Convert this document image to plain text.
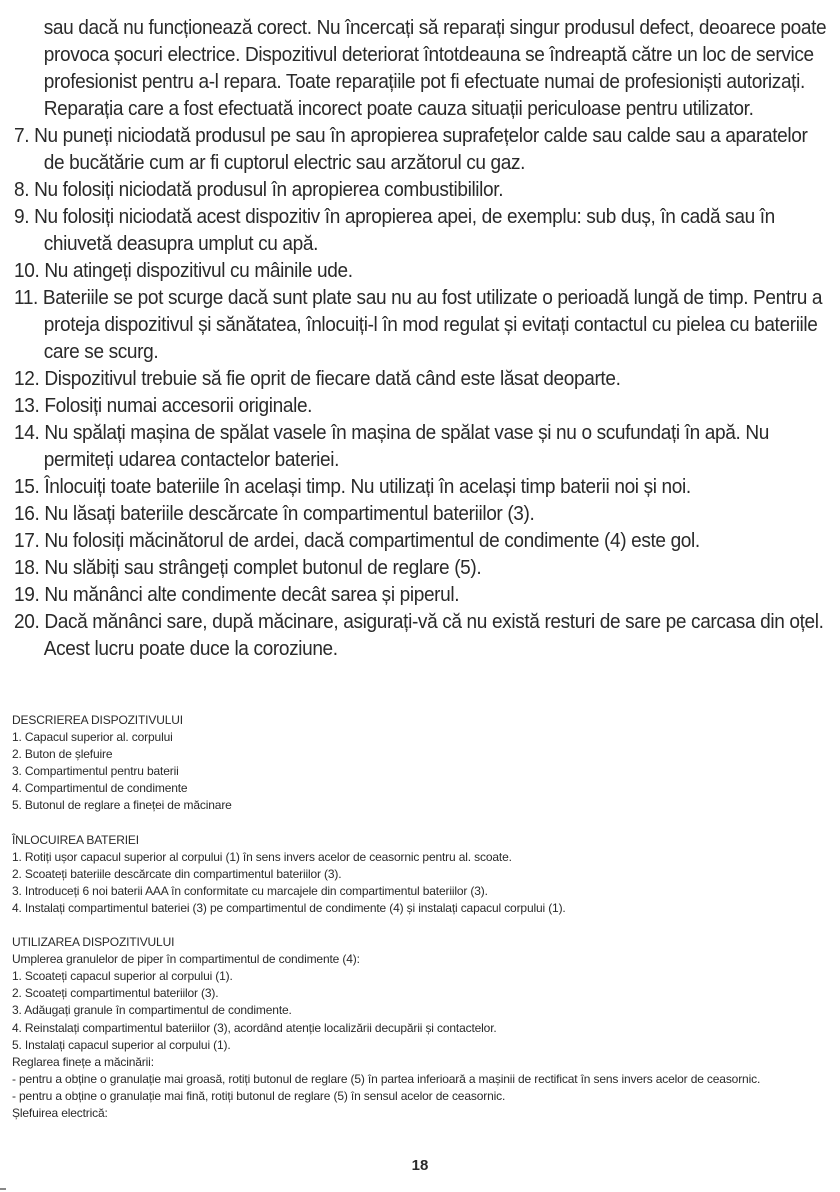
sau dacă nu funcționează corect. Nu încercați să reparați singur produsul defect, deoarece poate provoca șocuri electrice. Dispozitivul deteriorat întotdeauna se îndreaptă către un loc de service profesionist pentru a-l repara. Toate reparațiile pot fi efectuate numai de profesioniști autorizați. Reparația care a fost efectuată incorect poate cauza situații periculoase pentru utilizator.
7. Nu puneți niciodată produsul pe sau în apropierea suprafețelor calde sau calde sau a aparatelor de bucătărie cum ar fi cuptorul electric sau arzătorul cu gaz.
8. Nu folosiți niciodată produsul în apropierea combustibililor.
9. Nu folosiți niciodată acest dispozitiv în apropierea apei, de exemplu: sub duș, în cadă sau în chiuvetă deasupra umplut cu apă.
10. Nu atingeți dispozitivul cu mâinile ude.
11. Bateriile se pot scurge dacă sunt plate sau nu au fost utilizate o perioadă lungă de timp. Pentru a proteja dispozitivul și sănătatea, înlocuiți-l în mod regulat și evitați contactul cu pielea cu bateriile care se scurg.
12. Dispozitivul trebuie să fie oprit de fiecare dată când este lăsat deoparte.
13. Folosiți numai accesorii originale.
14. Nu spălați mașina de spălat vasele în mașina de spălat vase și nu o scufundați în apă. Nu permiteți udarea contactelor bateriei.
15. Înlocuiți toate bateriile în același timp. Nu utilizați în același timp baterii noi și noi.
16. Nu lăsați bateriile descărcate în compartimentul bateriilor (3).
17. Nu folosiți măcinătorul de ardei, dacă compartimentul de condimente (4) este gol.
18. Nu slăbiți sau strângeți complet butonul de reglare (5).
19. Nu mănânci alte condimente decât sarea și piperul.
20. Dacă mănânci sare, după măcinare, asigurați-vă că nu există resturi de sare pe carcasa din oțel. Acest lucru poate duce la coroziune.

DESCRIEREA DISPOZITIVULUI

1. Capacul superior al. corpului

2. Buton de șlefuire

3. Compartimentul pentru baterii

4. Compartimentul de condimente

5. Butonul de reglare a fineței de măcinare

ÎNLOCUIREA BATERIEI

1. Rotiți ușor capacul superior al corpului (1) în sens invers acelor de ceasornic pentru al. scoate.

2. Scoateți bateriile descărcate din compartimentul bateriilor (3).

3. Introduceți 6 noi baterii AAA în conformitate cu marcajele din compartimentul bateriilor (3).

4. Instalați compartimentul bateriei (3) pe compartimentul de condimente (4) și instalați capacul corpului (1).

UTILIZAREA DISPOZITIVULUI

Umplerea granulelor de piper în compartimentul de condimente (4):

1. Scoateți capacul superior al corpului (1).

2. Scoateți compartimentul bateriilor (3).

3. Adăugați granule în compartimentul de condimente.

4. Reinstalați compartimentul bateriilor (3), acordând atenție localizării decupării și contactelor.

5. Instalați capacul superior al corpului (1).

Reglarea finețe a măcinării:

- pentru a obține o granulație mai groasă, rotiți butonul de reglare (5) în partea inferioară a mașinii de rectificat în sens invers acelor de ceasornic.

- pentru a obține o granulație mai fină, rotiți butonul de reglare (5) în sensul acelor de ceasornic.

Șlefuirea electrică:

18
